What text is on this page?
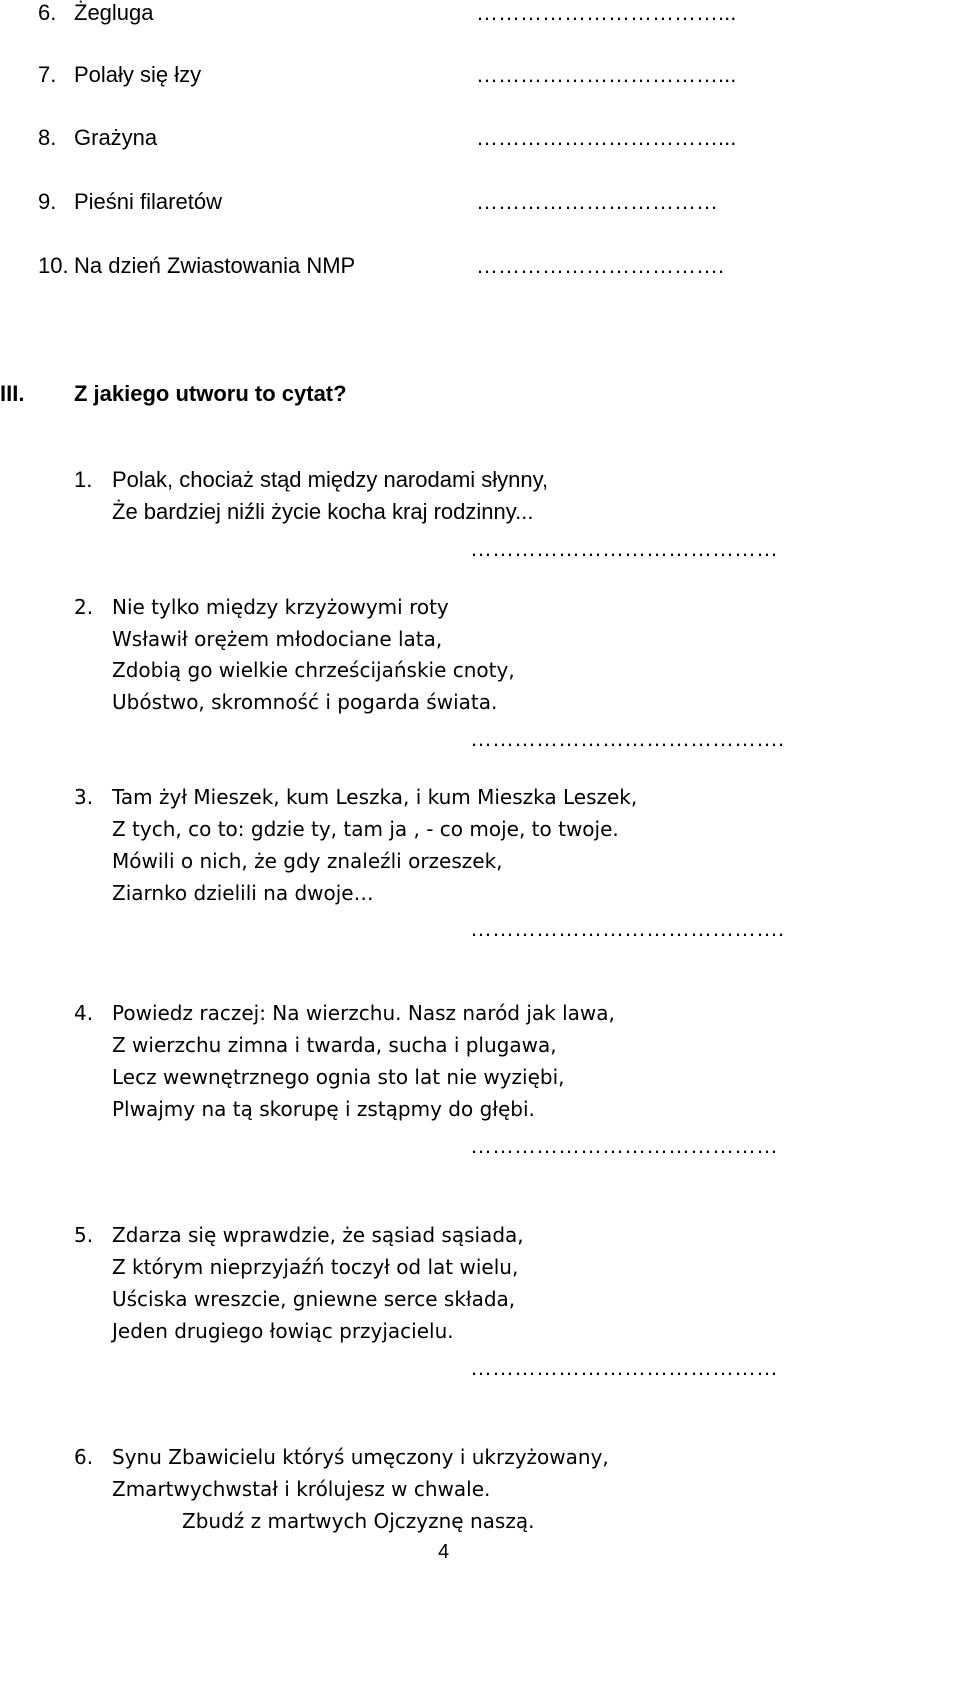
6. Żegluga	……………………………...
7. Polały się łzy	……………………………...
8. Grażyna	……………………………...
9. Pieśni filaretów	……………………………
10. Na dzień Zwiastowania NMP	…………………………….
III. Z jakiego utworu to cytat?
1. Polak, chociaż stąd między narodami słynny,
Że bardziej niźli życie kocha kraj rodzinny...
……………………………………
2. Nie tylko między krzyżowymi roty
Wsławił orężem młodociane lata,
Zdobią go wielkie chrześcijańskie cnoty,
Ubóstwo, skromność i pogarda świata.
…………………………………….
3. Tam żył Mieszek, kum Leszka, i kum Mieszka Leszek,
Z tych, co to: gdzie ty, tam ja , - co moje, to twoje.
Mówili o nich, że gdy znaleźli orzeszek,
Ziarnko dzielili na dwoje…
…………………………………….
4. Powiedz raczej: Na wierzchu. Nasz naród jak lawa,
Z wierzchu zimna i twarda, sucha i plugawa,
Lecz wewnętrznego ognia sto lat nie wyziębi,
Plwajmy na tą skorupę i zstąpmy do głębi.
……………………………………
5. Zdarza się wprawdzie, że sąsiad sąsiada,
Z którym nieprzyjaźń toczył od lat wielu,
Uściska wreszcie, gniewne serce składa,
Jeden drugiego łowiąc przyjacielu.
……………………………………
6. Synu Zbawicielu któryś umęczony i ukrzyżowany,
Zmartwychwstał i królujesz w chwale.
Zbudź z martwych Ojczyznę naszą.
4
